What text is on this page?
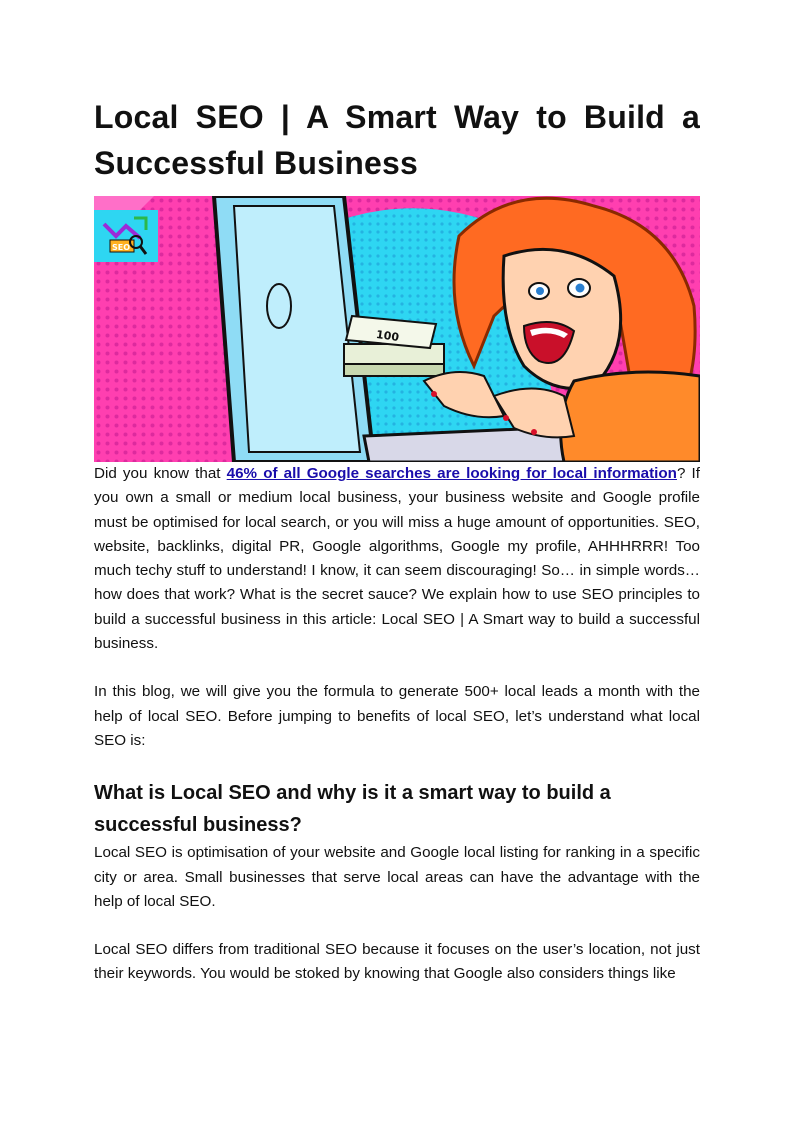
Local SEO | A Smart Way to Build a Successful Business
100
SEO

Did you know that 46% of all Google searches are looking for local information? If you own a small or medium local business, your business website and Google profile must be optimised for local search, or you will miss a huge amount of opportunities. SEO, website, backlinks, digital PR, Google algorithms, Google my profile, AHHHRRR! Too much techy stuff to understand! I know, it can seem discouraging! So… in simple words… how does that work? What is the secret sauce? We explain how to use SEO principles to build a successful business in this article: Local SEO | A Smart way to build a successful business.

In this blog, we will give you the formula to generate 500+ local leads a month with the help of local SEO. Before jumping to benefits of local SEO, let’s understand what local SEO is:

What is Local SEO and why is it a smart way to build a successful business?

Local SEO is optimisation of your website and Google local listing for ranking in a specific city or area. Small businesses that serve local areas can have the advantage with the help of local SEO.

Local SEO differs from traditional SEO because it focuses on the user’s location, not just their keywords. You would be stoked by knowing that Google also considers things like
